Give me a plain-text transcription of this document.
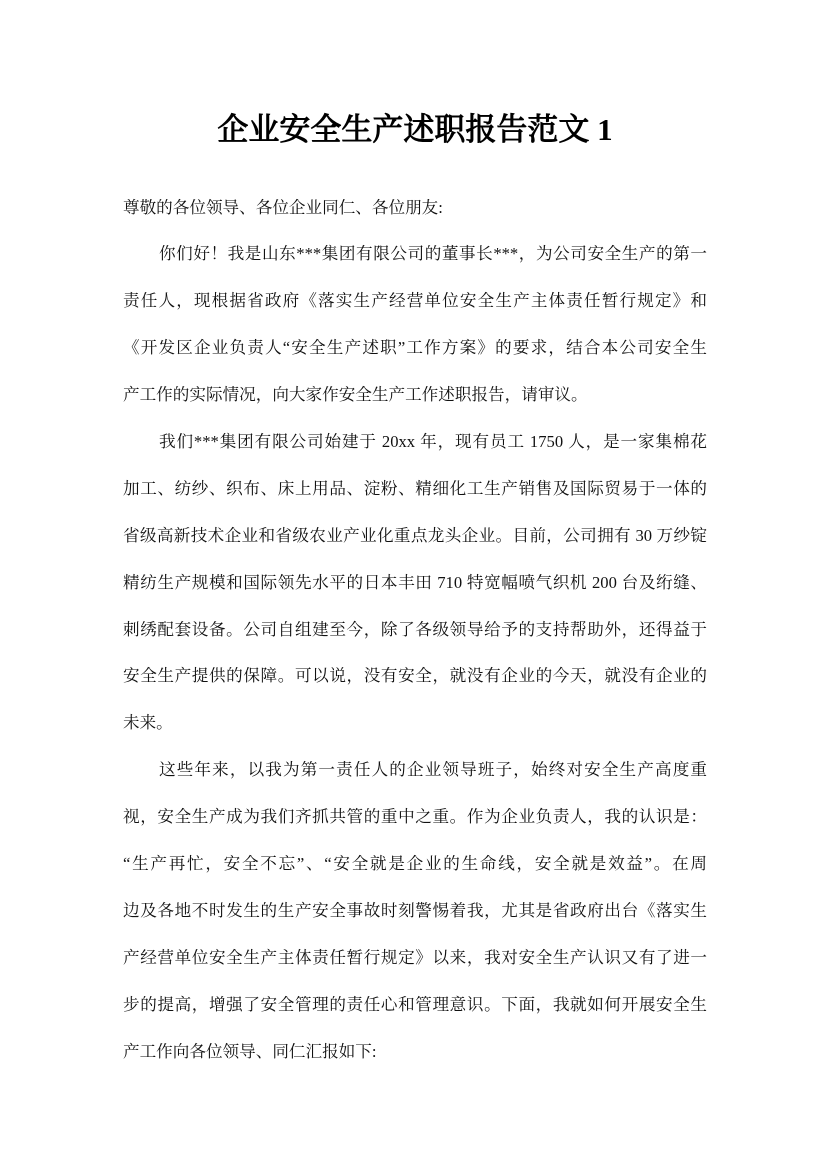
企业安全生产述职报告范文 1
尊敬的各位领导、各位企业同仁、各位朋友:
你们好！我是山东***集团有限公司的董事长***，为公司安全生产的第一
责任人，现根据省政府《落实生产经营单位安全生产主体责任暂行规定》和
《开发区企业负责人“安全生产述职”工作方案》的要求，结合本公司安全生
产工作的实际情况，向大家作安全生产工作述职报告，请审议。
我们***集团有限公司始建于 20xx 年，现有员工 1750 人，是一家集棉花
加工、纺纱、织布、床上用品、淀粉、精细化工生产销售及国际贸易于一体的
省级高新技术企业和省级农业产业化重点龙头企业。目前，公司拥有 30 万纱锭
精纺生产规模和国际领先水平的日本丰田 710 特宽幅喷气织机 200 台及绗缝、
刺绣配套设备。公司自组建至今，除了各级领导给予的支持帮助外，还得益于
安全生产提供的保障。可以说，没有安全，就没有企业的今天，就没有企业的
未来。
这些年来，以我为第一责任人的企业领导班子，始终对安全生产高度重
视，安全生产成为我们齐抓共管的重中之重。作为企业负责人，我的认识是：
“生产再忙，安全不忘”、“安全就是企业的生命线，安全就是效益”。在周
边及各地不时发生的生产安全事故时刻警惕着我，尤其是省政府出台《落实生
产经营单位安全生产主体责任暂行规定》以来，我对安全生产认识又有了进一
步的提高，增强了安全管理的责任心和管理意识。下面，我就如何开展安全生
产工作向各位领导、同仁汇报如下:
